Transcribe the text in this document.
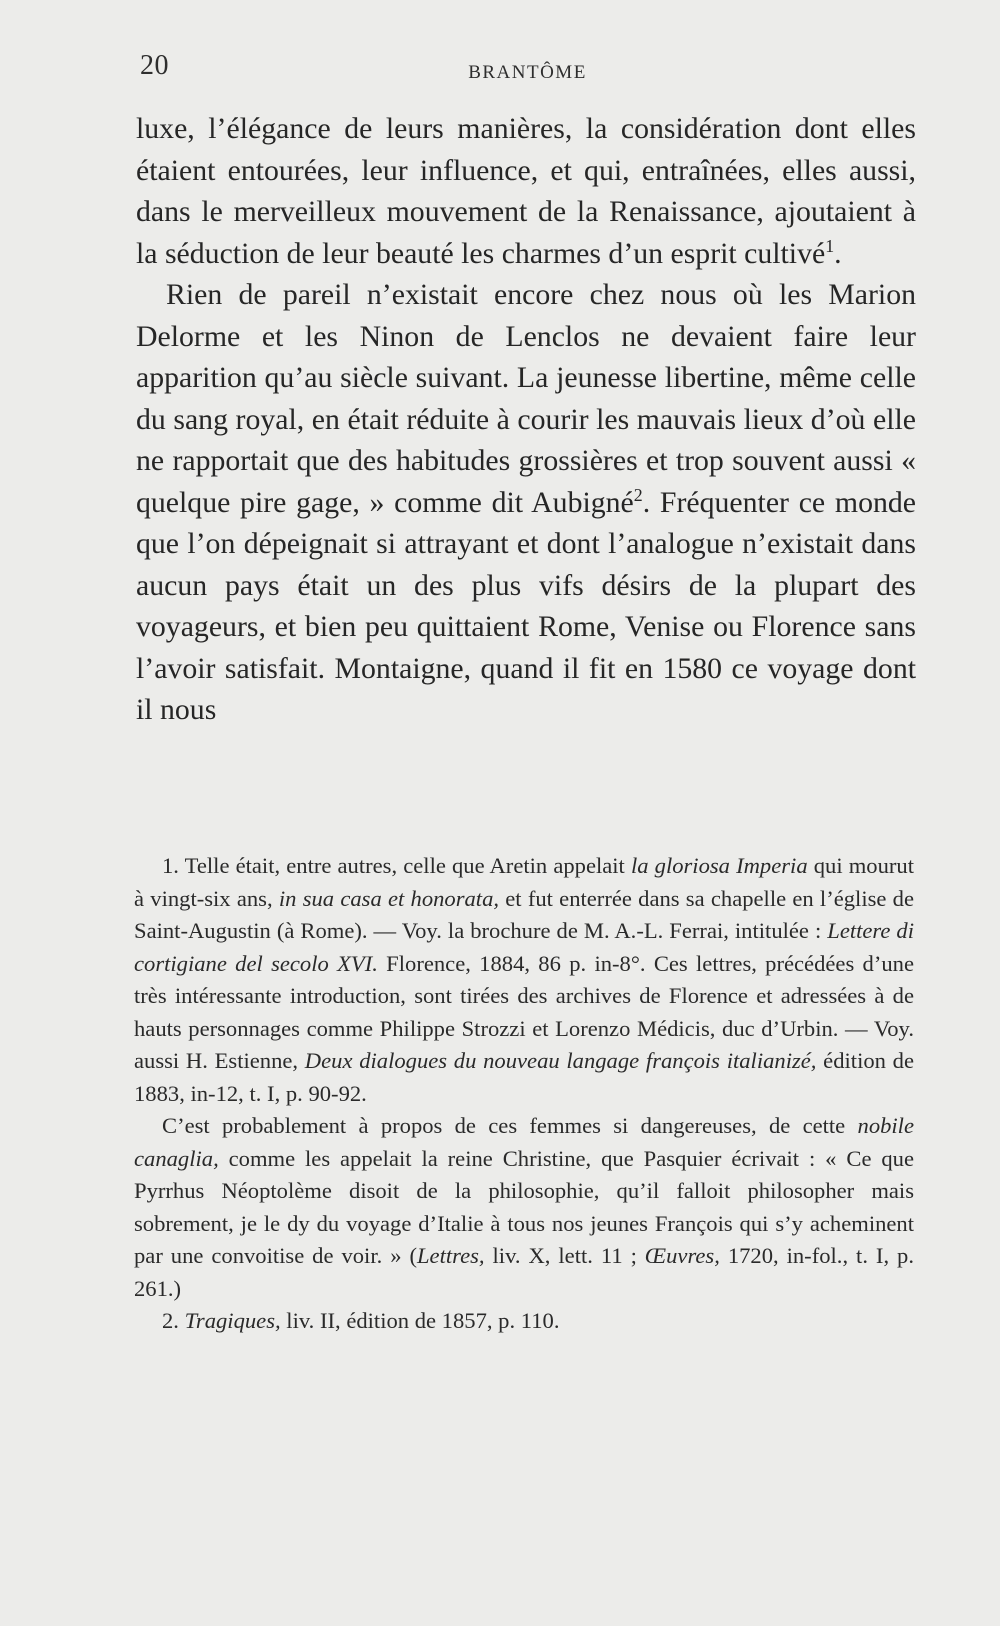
20	BRANTÔME

luxe, l’élégance de leurs manières, la considération dont elles étaient entourées, leur influence, et qui, entraînées, elles aussi, dans le merveilleux mouvement de la Renaissance, ajoutaient à la séduction de leur beauté les charmes d’un esprit cultivé$^1$.

Rien de pareil n’existait encore chez nous où les Marion Delorme et les Ninon de Lenclos ne devaient faire leur apparition qu’au siècle suivant. La jeunesse libertine, même celle du sang royal, en était réduite à courir les mauvais lieux d’où elle ne rapportait que des habitudes grossières et trop souvent aussi « quelque pire gage, » comme dit Aubigné$^2$. Fréquenter ce monde que l’on dépeignait si attrayant et dont l’analogue n’existait dans aucun pays était un des plus vifs désirs de la plupart des voyageurs, et bien peu quittaient Rome, Venise ou Florence sans l’avoir satisfait. Montaigne, quand il fit en 1580 ce voyage dont il nous

1. Telle était, entre autres, celle que Aretin appelait la gloriosa Imperia qui mourut à vingt-six ans, in sua casa et honorata, et fut enterrée dans sa chapelle en l’église de Saint-Augustin (à Rome). — Voy. la brochure de M. A.-L. Ferrai, intitulée : Lettere di cortigiane del secolo XVI. Florence, 1884, 86 p. in-8°. Ces lettres, précédées d’une très intéressante introduction, sont tirées des archives de Florence et adressées à de hauts personnages comme Philippe Strozzi et Lorenzo Médicis, duc d’Urbin. — Voy. aussi H. Estienne, Deux dialogues du nouveau langage françois italianizé, édition de 1883, in-12, t. I, p. 90-92.

C’est probablement à propos de ces femmes si dangereuses, de cette nobile canaglia, comme les appelait la reine Christine, que Pasquier écrivait : « Ce que Pyrrhus Néoptolème disoit de la philosophie, qu’il falloit philosopher mais sobrement, je le dy du voyage d’Italie à tous nos jeunes François qui s’y acheminent par une convoitise de voir. » (Lettres, liv. X, lett. 11 ; Œuvres, 1720, in-fol., t. I, p. 261.)

2. Tragiques, liv. II, édition de 1857, p. 110.
